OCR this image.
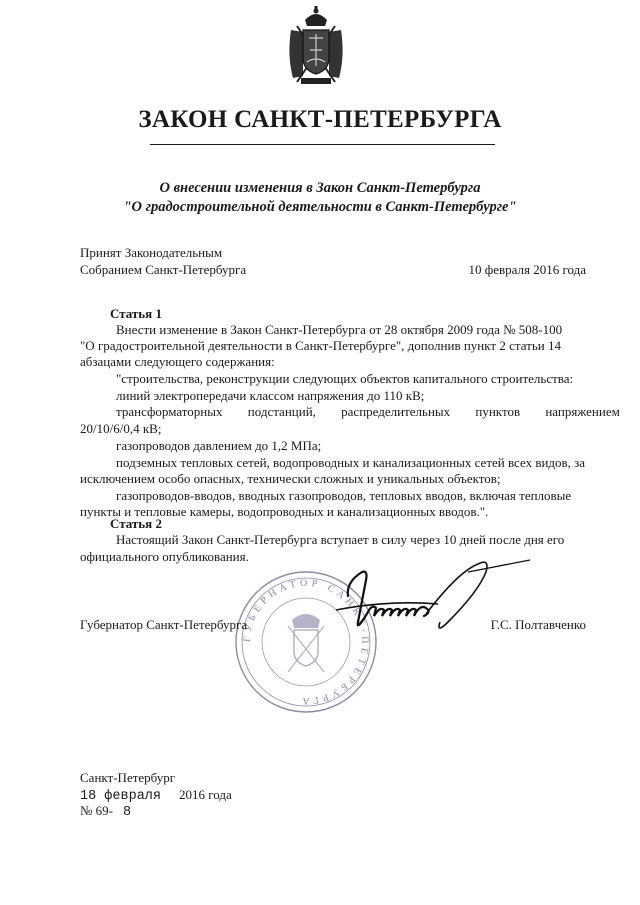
ЗАКОН САНКТ-ПЕТЕРБУРГА
О внесении изменения в Закон Санкт-Петербурга
"О градостроительной деятельности в Санкт-Петербурге"
Принят Законодательным
Собранием Санкт-Петербурга	10 февраля 2016 года
Статья 1
Внести изменение в Закон Санкт-Петербурга от 28 октября 2009 года № 508-100
"О градостроительной деятельности в Санкт-Петербурге", дополнив пункт 2 статьи 14
абзацами следующего содержания:
"строительства, реконструкции следующих объектов капитального строительства:
линий электропередачи классом напряжения до 110 кВ;
трансформаторных подстанций, распределительных пунктов напряжением
20/10/6/0,4 кВ;
газопроводов давлением до 1,2 МПа;
подземных тепловых сетей, водопроводных и канализационных сетей всех видов, за
исключением особо опасных, технически сложных и уникальных объектов;
газопроводов-вводов, вводных газопроводов, тепловых вводов, включая тепловые
пункты и тепловые камеры, водопроводных и канализационных вводов.".
Статья 2
Настоящий Закон Санкт-Петербурга вступает в силу через 10 дней после дня его
официального опубликования.
ГУБЕРНАТОР САНКТ-ПЕТЕРБУРГА
Губернатор Санкт-Петербурга	Г.С. Полтавченко
Санкт-Петербург
18 февраля 2016 года
№ 69- 8
